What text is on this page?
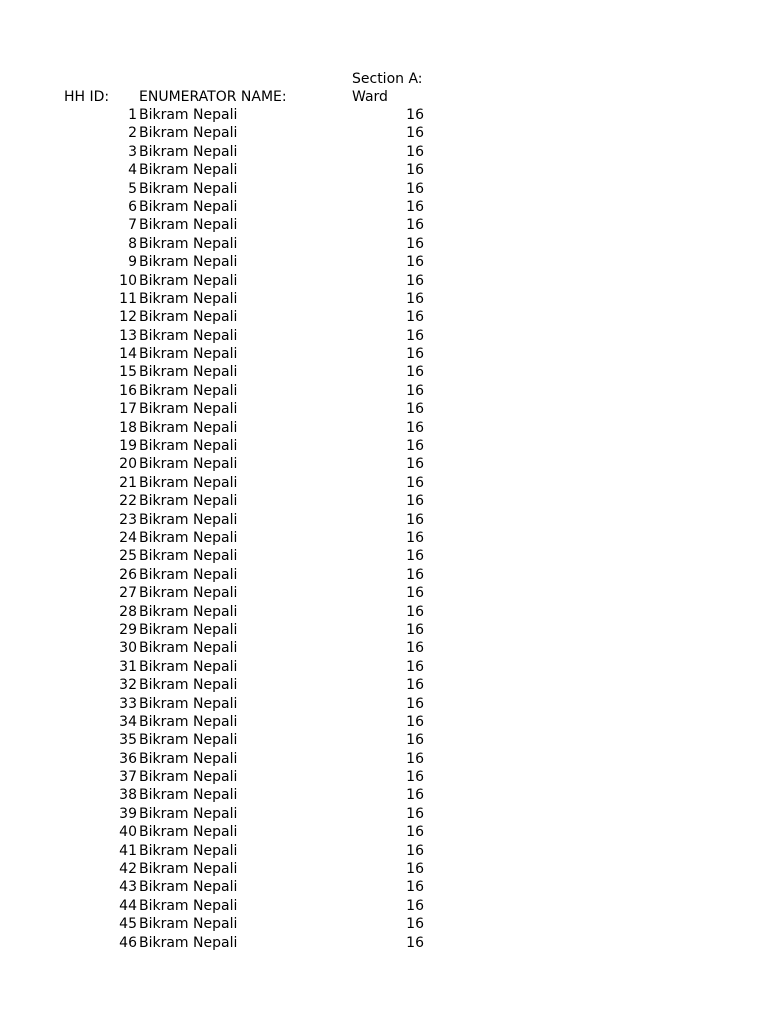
HH ID: ENUMERATOR NAME:
Section A:
Ward
1 Bikram Nepali	16
2 Bikram Nepali	16
3 Bikram Nepali	16
4 Bikram Nepali	16
5 Bikram Nepali	16
6 Bikram Nepali	16
7 Bikram Nepali	16
8 Bikram Nepali	16
9 Bikram Nepali	16
10 Bikram Nepali	16
11 Bikram Nepali	16
12 Bikram Nepali	16
13 Bikram Nepali	16
14 Bikram Nepali	16
15 Bikram Nepali	16
16 Bikram Nepali	16
17 Bikram Nepali	16
18 Bikram Nepali	16
19 Bikram Nepali	16
20 Bikram Nepali	16
21 Bikram Nepali	16
22 Bikram Nepali	16
23 Bikram Nepali	16
24 Bikram Nepali	16
25 Bikram Nepali	16
26 Bikram Nepali	16
27 Bikram Nepali	16
28 Bikram Nepali	16
29 Bikram Nepali	16
30 Bikram Nepali	16
31 Bikram Nepali	16
32 Bikram Nepali	16
33 Bikram Nepali	16
34 Bikram Nepali	16
35 Bikram Nepali	16
36 Bikram Nepali	16
37 Bikram Nepali	16
38 Bikram Nepali	16
39 Bikram Nepali	16
40 Bikram Nepali	16
41 Bikram Nepali	16
42 Bikram Nepali	16
43 Bikram Nepali	16
44 Bikram Nepali	16
45 Bikram Nepali	16
46 Bikram Nepali	16
